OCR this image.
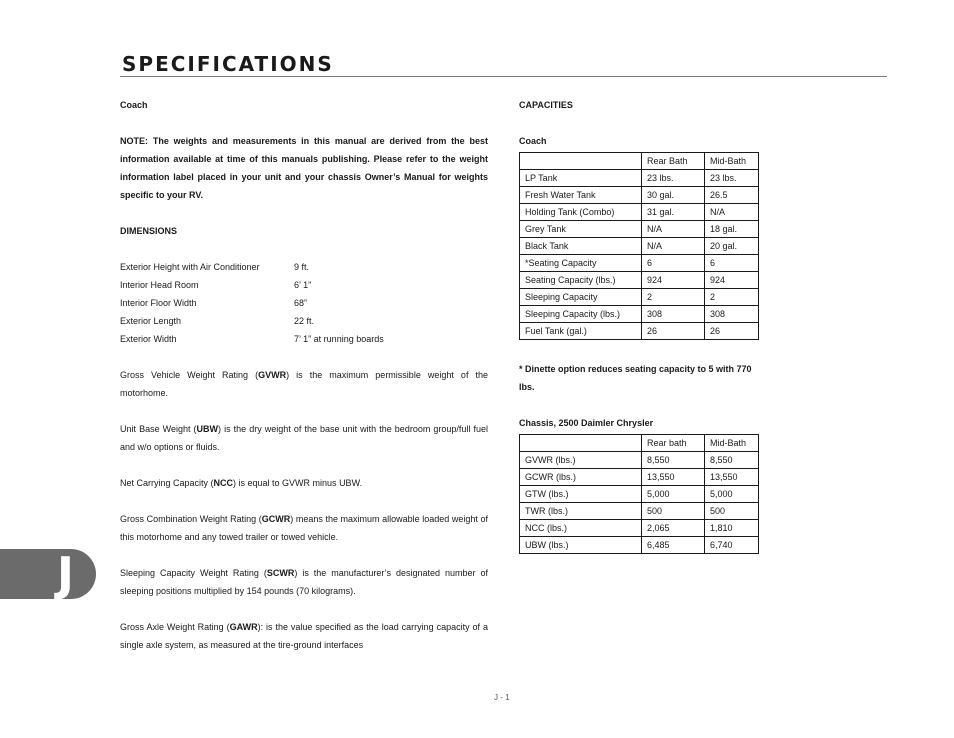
SPECIFICATIONS
Coach

NOTE: The weights and measurements in this manual are derived from the best information available at time of this manuals publishing. Please refer to the weight information label placed in your unit and your chassis Owner’s Manual for weights specific to your RV.

DIMENSIONS
Exterior Height with Air Conditioner	9 ft.
Interior Head Room	6’ 1”
Interior Floor Width	68”
Exterior Length	22 ft.
Exterior Width	7’ 1” at running boards

Gross Vehicle Weight Rating (GVWR) is the maximum permissible weight of the motorhome.

Unit Base Weight (UBW) is the dry weight of the base unit with the bedroom group/full fuel and w/o options or fluids.

Net Carrying Capacity (NCC) is equal to GVWR minus UBW.

Gross Combination Weight Rating (GCWR) means the maximum allowable loaded weight of this motorhome and any towed trailer or towed vehicle.

Sleeping Capacity Weight Rating (SCWR) is the manufacturer’s designated number of sleeping positions multiplied by 154 pounds (70 kilograms).

Gross Axle Weight Rating (GAWR): is the value specified as the load carrying capacity of a single axle system, as measured at the tire-ground interfaces

CAPACITIES
Coach
	Rear Bath	Mid-Bath
LP Tank	23 lbs.	23 lbs.
Fresh Water Tank	30 gal.	26.5
Holding Tank (Combo)	31 gal.	N/A
Grey Tank	N/A	18 gal.
Black Tank	N/A	20 gal.
*Seating Capacity	6	6
Seating Capacity (lbs.)	924	924
Sleeping Capacity	2	2
Sleeping Capacity (lbs.)	308	308
Fuel Tank (gal.)	26	26
* Dinette option reduces seating capacity to 5 with 770 lbs.
Chassis, 2500 Daimler Chrysler
	Rear bath	Mid-Bath
GVWR (lbs.)	8,550	8,550
GCWR (lbs.)	13,550	13,550
GTW (lbs.)	5,000	5,000
TWR (lbs.)	500	500
NCC (lbs.)	2,065	1,810
UBW (lbs.)	6,485	6,740
J
J - 1
